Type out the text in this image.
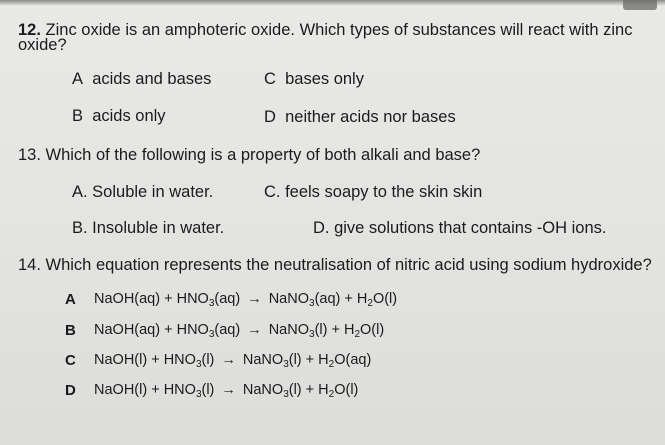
12. Zinc oxide is an amphoteric oxide. Which types of substances will react with zinc
oxide?
A acids and bases	C bases only
B acids only	D neither acids nor bases
13. Which of the following is a property of both alkali and base?
A. Soluble in water.	C. feels soapy to the skin skin
B. Insoluble in water.	D. give solutions that contains -OH ions.
14. Which equation represents the neutralisation of nitric acid using sodium hydroxide?
A NaOH(aq) + $HNO_3(aq)$ → NaNO$_3$(aq) + $H_2O(l)$
B NaOH(aq) + $HNO_3(aq)$ → NaNO$_3$(l) + $H_2O(l)$
C NaOH(l) + $HNO_3(l)$ → NaNO$_3$(l) + $H_2O(aq)$
D NaOH(l) + $HNO_3(l)$ → NaNO$_3$(l) + $H_2O(l)$
